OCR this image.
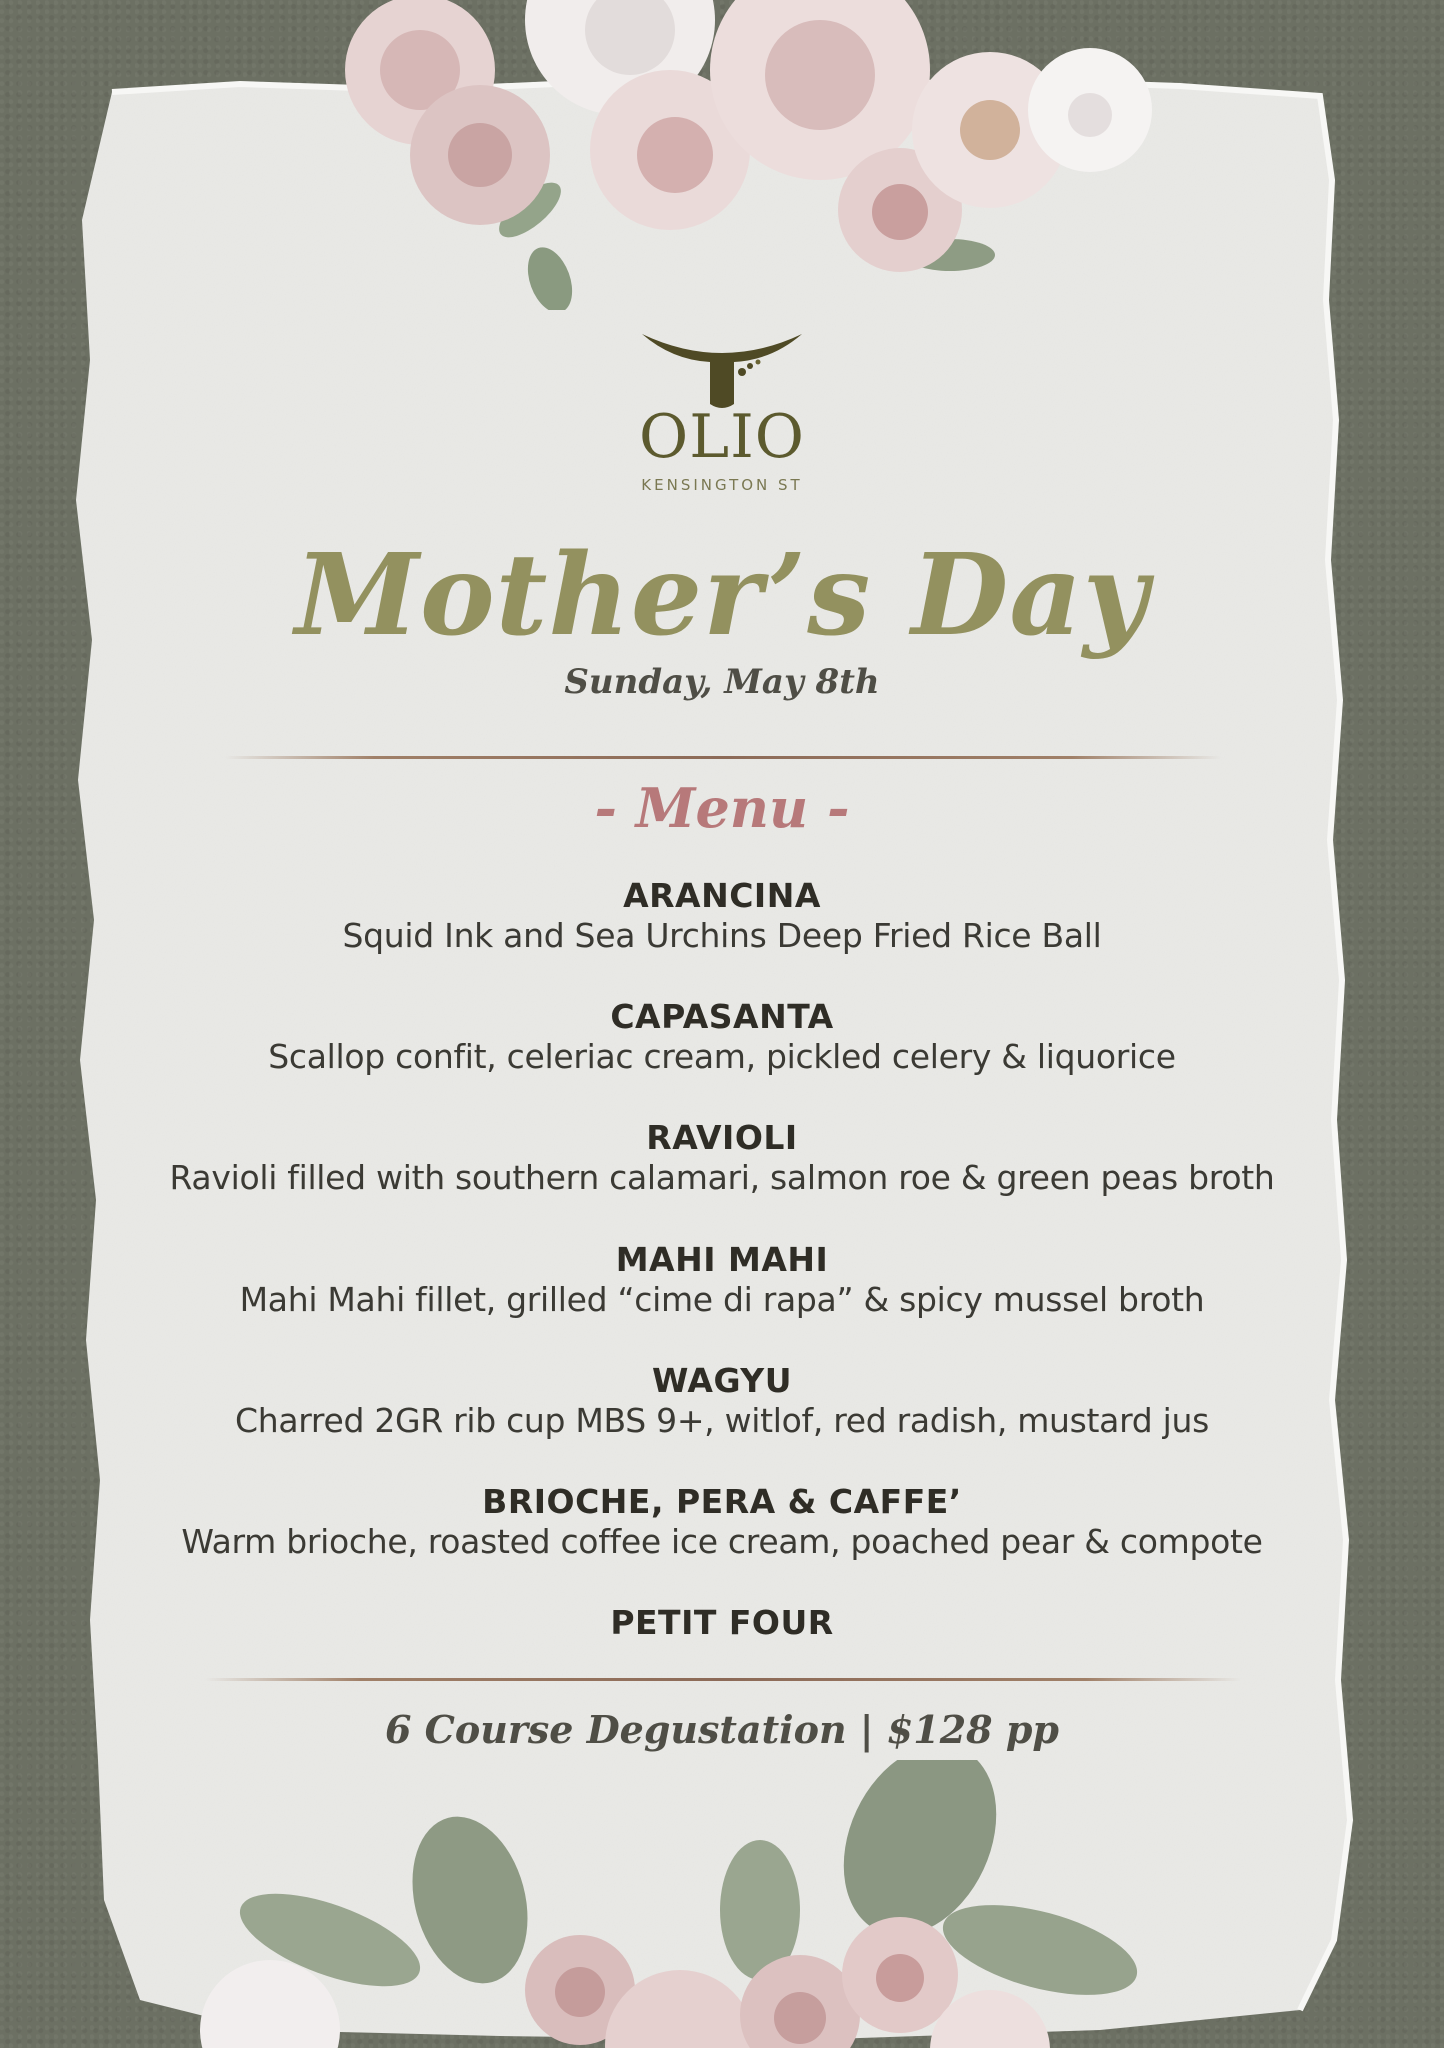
OLIO
KENSINGTON ST
Mother’s Day
Sunday, May 8th
- Menu -
ARANCINA
Squid Ink and Sea Urchins Deep Fried Rice Ball
CAPASANTA
Scallop confit, celeriac cream, pickled celery & liquorice
RAVIOLI
Ravioli filled with southern calamari, salmon roe & green peas broth
MAHI MAHI
Mahi Mahi fillet, grilled “cime di rapa” & spicy mussel broth
WAGYU
Charred 2GR rib cup MBS 9+, witlof, red radish, mustard jus
BRIOCHE, PERA & CAFFE’
Warm brioche, roasted coffee ice cream, poached pear & compote
PETIT FOUR
6 Course Degustation | $128 pp
